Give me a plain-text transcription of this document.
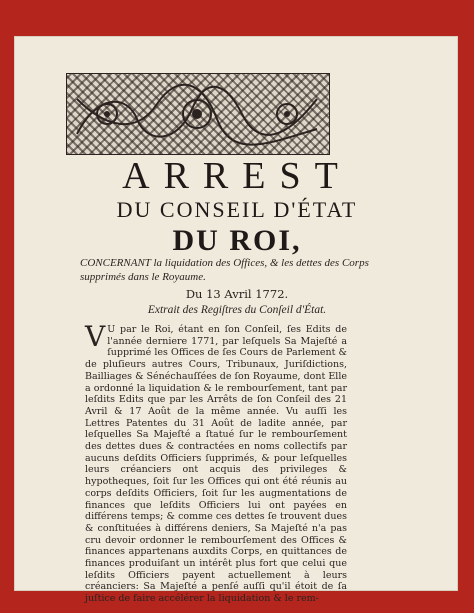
ARREST
DU CONSEIL D'ÉTAT
DU ROI,
CONCERNANT la liquidation des Offices, & les dettes des Corps supprimés dans le Royaume.
Du 13 Avril 1772.
Extrait des Regiſtres du Conſeil d'État.
V U par le Roi, étant en ſon Conſeil, ſes Edits de l'année derniere 1771, par leſquels Sa Majeſté a ſupprimé les Offices de ſes Cours de Parlement & de pluſieurs autres Cours, Tribunaux, Juriſdictions, Bailliages & Sénéchauſſées de ſon Royaume, dont Elle a ordonné la liquidation & le rembourſement, tant par leſdits Edits que par les Arrêts de ſon Conſeil des 21 Avril & 17 Août de la même année. Vu auſſi les Lettres Patentes du 31 Août de ladite année, par leſquelles Sa Majeſté a ſtatué ſur le rembourſement des dettes dues & contractées en noms collectifs par aucuns deſdits Officiers ſupprimés, & pour leſquelles leurs créanciers ont acquis des privileges & hypotheques, ſoit ſur les Offices qui ont été réunis au corps deſdits Officiers, ſoit ſur les augmentations de finances que leſdits Officiers lui ont payées en différens temps; & comme ces dettes ſe trouvent dues & conſtituées à différens deniers, Sa Majeſté n'a pas cru devoir ordonner le rembourſement des Offices & finances appartenans auxdits Corps, en quittances de finances produiſant un intérêt plus fort que celui que leſdits Officiers payent actuellement à leurs créanciers: Sa Majeſté a penſé auſſi qu'il étoit de ſa juſtice de faire accélérer la liquidation & le rem-
